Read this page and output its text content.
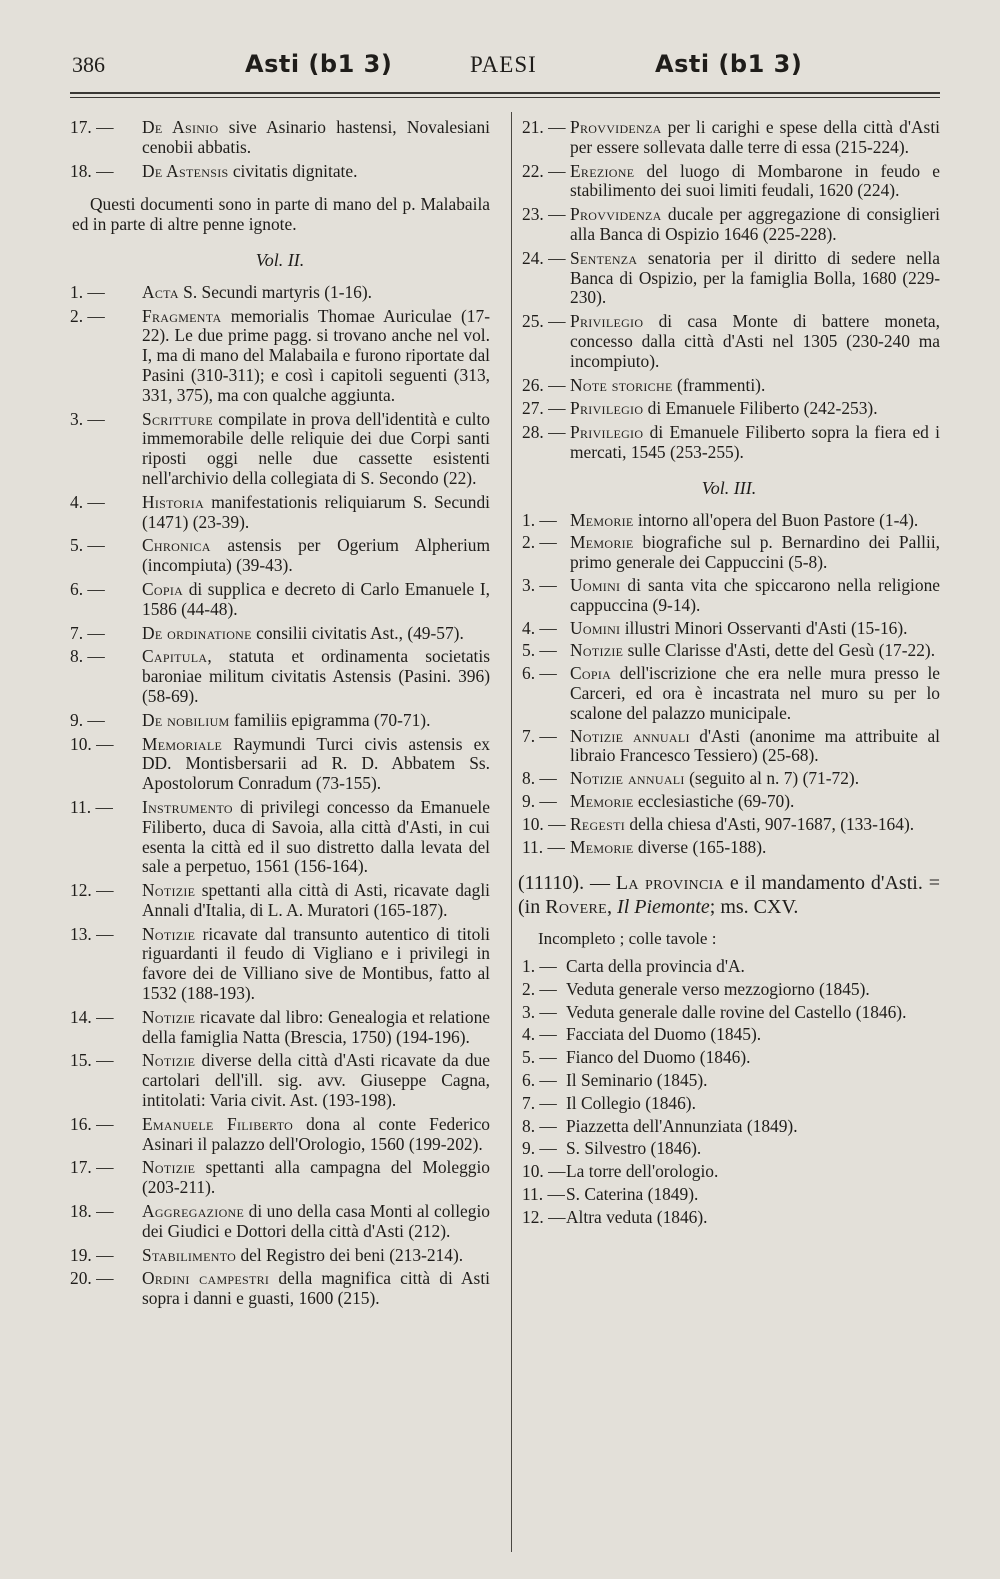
386	Asti (b1 3)	PAESI	Asti (b1 3)
17. —	De Asinio sive Asinario hastensi, Novalesiani cenobii abbatis.
18. —	De Astensis civitatis dignitate.
Questi documenti sono in parte di mano del p. Malabaila ed in parte di altre penne ignote.
Vol. II.
1. —	Acta S. Secundi martyris (1-16).
2. —	Fragmenta memorialis Thomae Auriculae (17-22). Le due prime pagg. si trovano anche nel vol. I, ma di mano del Malabaila e furono riportate dal Pasini (310-311); e così i capitoli seguenti (313, 331, 375), ma con qualche aggiunta.
3. —	Scritture compilate in prova dell'identità e culto immemorabile delle reliquie dei due Corpi santi riposti oggi nelle due cassette esistenti nell'archivio della collegiata di S. Secondo (22).
4. —	Historia manifestationis reliquiarum S. Secundi (1471) (23-39).
5. —	Chronica astensis per Ogerium Alpherium (incompiuta) (39-43).
6. —	Copia di supplica e decreto di Carlo Emanuele I, 1586 (44-48).
7. —	De ordinatione consilii civitatis Ast., (49-57).
8. —	Capitula, statuta et ordinamenta societatis baroniae militum civitatis Astensis (Pasini. 396) (58-69).
9. —	De nobilium familiis epigramma (70-71).
10. —	Memoriale Raymundi Turci civis astensis ex DD. Montisbersarii ad R. D. Abbatem Ss. Apostolorum Conradum (73-155).
11. —	Instrumento di privilegi concesso da Emanuele Filiberto, duca di Savoia, alla città d'Asti, in cui esenta la città ed il suo distretto dalla levata del sale a perpetuo, 1561 (156-164).
12. —	Notizie spettanti alla città di Asti, ricavate dagli Annali d'Italia, di L. A. Muratori (165-187).
13. —	Notizie ricavate dal transunto autentico di titoli riguardanti il feudo di Vigliano e i privilegi in favore dei de Villiano sive de Montibus, fatto al 1532 (188-193).
14. —	Notizie ricavate dal libro: Genealogia et relatione della famiglia Natta (Brescia, 1750) (194-196).
15. —	Notizie diverse della città d'Asti ricavate da due cartolari dell'ill. sig. avv. Giuseppe Cagna, intitolati: Varia civit. Ast. (193-198).
16. —	Emanuele Filiberto dona al conte Federico Asinari il palazzo dell'Orologio, 1560 (199-202).
17. —	Notizie spettanti alla campagna del Moleggio (203-211).
18. —	Aggregazione di uno della casa Monti al collegio dei Giudici e Dottori della città d'Asti (212).
19. —	Stabilimento del Registro dei beni (213-214).
20. —	Ordini campestri della magnifica città di Asti sopra i danni e guasti, 1600 (215).
21. — Provvidenza per li carighi e spese della città d'Asti per essere sollevata dalle terre di essa (215-224).
22. — Erezione del luogo di Mombarone in feudo e stabilimento dei suoi limiti feudali, 1620 (224).
23. — Provvidenza ducale per aggregazione di consiglieri alla Banca di Ospizio 1646 (225-228).
24. — Sentenza senatoria per il diritto di sedere nella Banca di Ospizio, per la famiglia Bolla, 1680 (229-230).
25. — Privilegio di casa Monte di battere moneta, concesso dalla città d'Asti nel 1305 (230-240 ma incompiuto).
26. — Note storiche (frammenti).
27. — Privilegio di Emanuele Filiberto (242-253).
28. — Privilegio di Emanuele Filiberto sopra la fiera ed i mercati, 1545 (253-255).
Vol. III.
1. — Memorie intorno all'opera del Buon Pastore (1-4).
2. — Memorie biografiche sul p. Bernardino dei Pallii, primo generale dei Cappuccini (5-8).
3. — Uomini di santa vita che spiccarono nella religione cappuccina (9-14).
4. — Uomini illustri Minori Osservanti d'Asti (15-16).
5. — Notizie sulle Clarisse d'Asti, dette del Gesù (17-22).
6. — Copia dell'iscrizione che era nelle mura presso le Carceri, ed ora è incastrata nel muro su per lo scalone del palazzo municipale.
7. — Notizie annuali d'Asti (anonime ma attribuite al libraio Francesco Tessiero) (25-68).
8. — Notizie annuali (seguito al n. 7) (71-72).
9. — Memorie ecclesiastiche (69-70).
10. — Regesti della chiesa d'Asti, 907-1687, (133-164).
11. — Memorie diverse (165-188).
(11110). — La provincia e il mandamento d'Asti. = (in Rovere, Il Piemonte; ms. CXV.
Incompleto ; colle tavole :
1. — Carta della provincia d'A.
2. — Veduta generale verso mezzogiorno (1845).
3. — Veduta generale dalle rovine del Castello (1846).
4. — Facciata del Duomo (1845).
5. — Fianco del Duomo (1846).
6. — Il Seminario (1845).
7. — Il Collegio (1846).
8. — Piazzetta dell'Annunziata (1849).
9. — S. Silvestro (1846).
10. — La torre dell'orologio.
11. — S. Caterina (1849).
12. — Altra veduta (1846).
